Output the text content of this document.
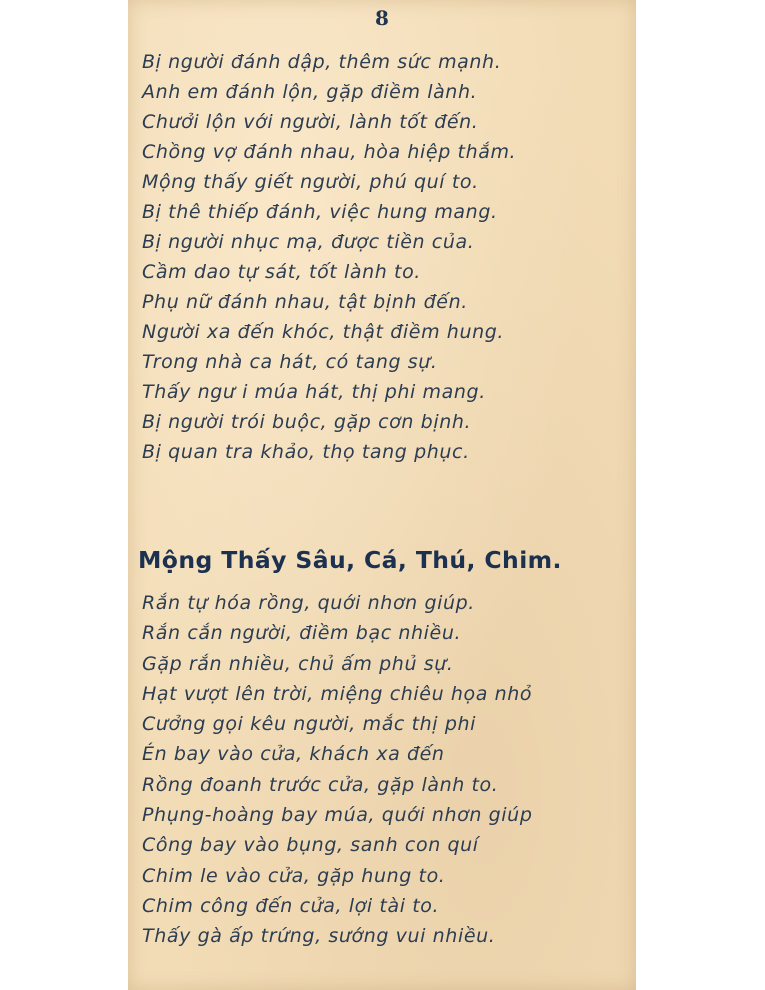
8
Bị người đánh dập, thêm sức mạnh.
Anh em đánh lộn, gặp điềm lành.
Chưởi lộn với người, lành tốt đến.
Chồng vợ đánh nhau, hòa hiệp thắm.
Mộng thấy giết người, phú quí to.
Bị thê thiếp đánh, việc hung mang.
Bị người nhục mạ, được tiền của.
Cầm dao tự sát, tốt lành to.
Phụ nữ đánh nhau, tật bịnh đến.
Người xa đến khóc, thật điềm hung.
Trong nhà ca hát, có tang sự.
Thấy ngư i múa hát, thị phi mang.
Bị người trói buộc, gặp cơn bịnh.
Bị quan tra khảo, thọ tang phục.
Mộng Thấy Sâu, Cá, Thú, Chim.
Rắn tự hóa rồng, quới nhơn giúp.
Rắn cắn người, điềm bạc nhiều.
Gặp rắn nhiều, chủ ấm phủ sự.
Hạt vượt lên trời, miệng chiêu họa nhỏ
Cưởng gọi kêu người, mắc thị phi
Én bay vào cửa, khách xa đến
Rồng đoanh trước cửa, gặp lành to.
Phụng-hoàng bay múa, quới nhơn giúp
Công bay vào bụng, sanh con quí
Chim le vào cửa, gặp hung to.
Chim công đến cửa, lợi tài to.
Thấy gà ấp trứng, sướng vui nhiều.
